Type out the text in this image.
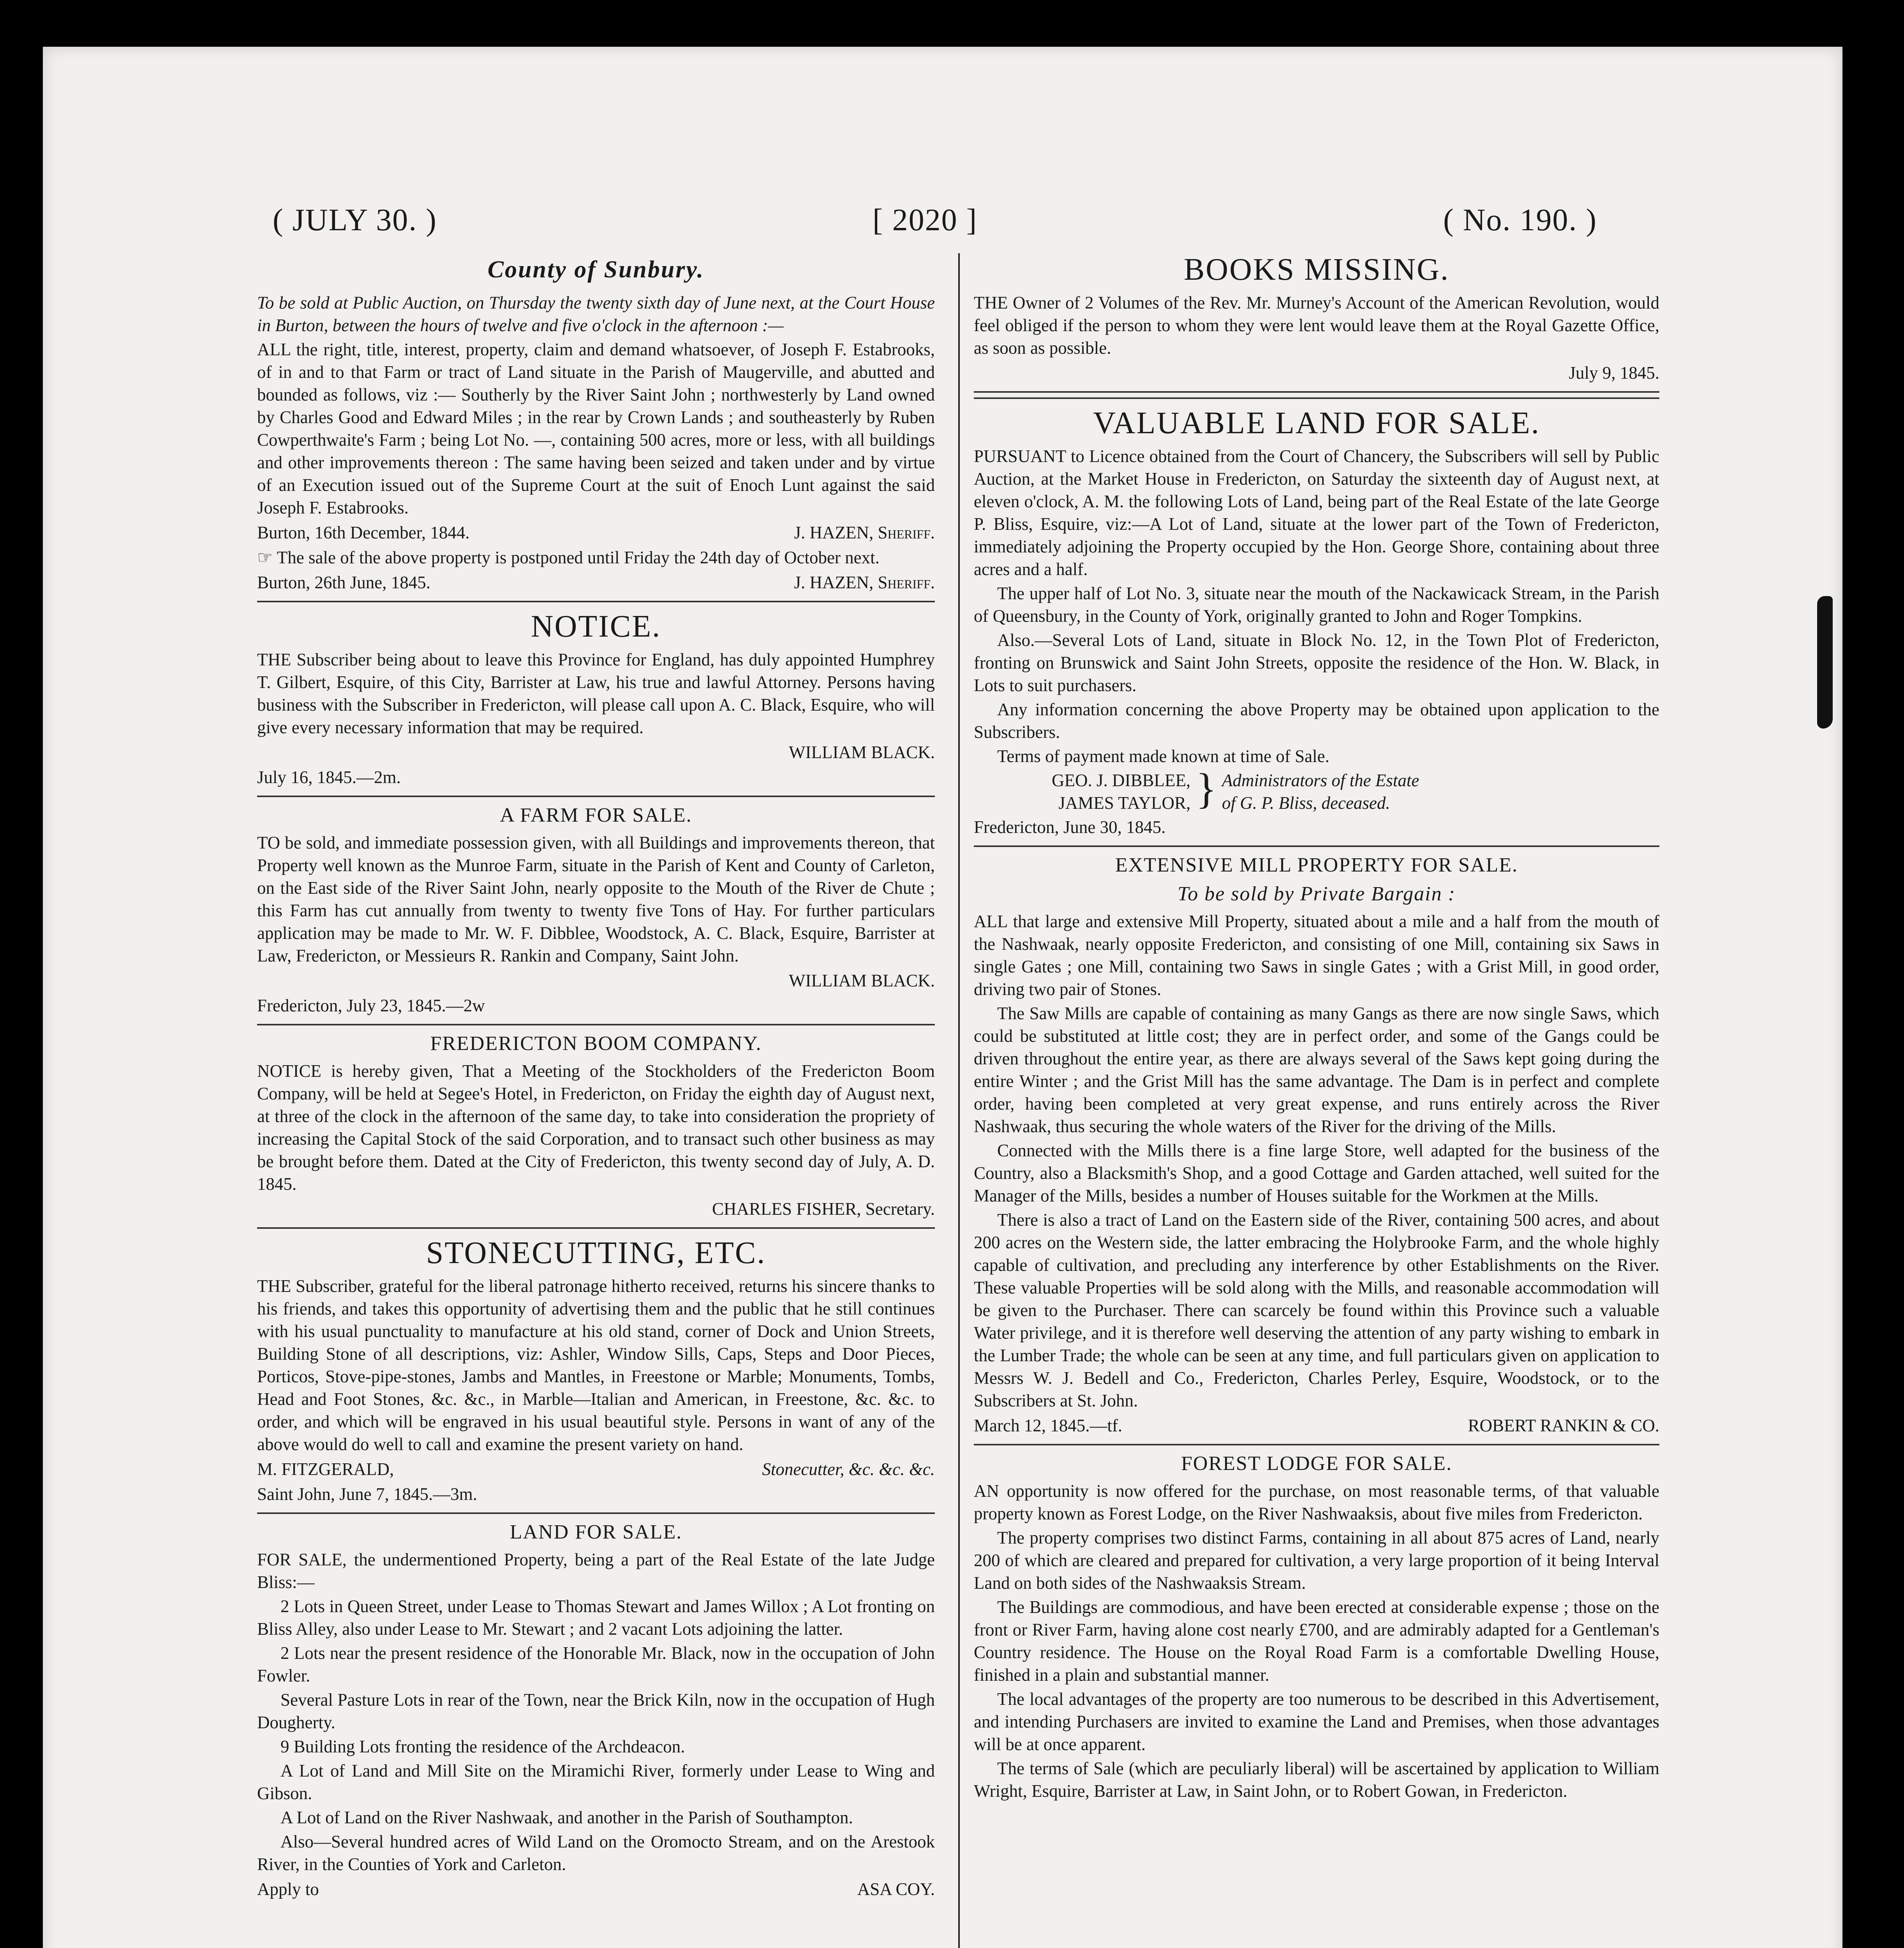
( JULY 30. )	[ 2020 ]	( No. 190. )
County of Sunbury.

To be sold at Public Auction, on Thursday the twenty sixth day of June next, at the Court House in Burton, between the hours of twelve and five o'clock in the afternoon :—

ALL the right, title, interest, property, claim and demand whatsoever, of Joseph F. Estabrooks, of in and to that Farm or tract of Land situate in the Parish of Maugerville, and abutted and bounded as follows, viz :— Southerly by the River Saint John ; northwesterly by Land owned by Charles Good and Edward Miles ; in the rear by Crown Lands ; and southeasterly by Ruben Cowperthwaite's Farm ; being Lot No. —, containing 500 acres, more or less, with all buildings and other improvements thereon : The same having been seized and taken under and by virtue of an Execution issued out of the Supreme Court at the suit of Enoch Lunt against the said Joseph F. Estabrooks.

Burton, 16th December, 1844.	J. HAZEN, Sheriff.

☞ The sale of the above property is postponed until Friday the 24th day of October next.

Burton, 26th June, 1845.	J. HAZEN, Sheriff.
NOTICE.

THE Subscriber being about to leave this Province for England, has duly appointed Humphrey T. Gilbert, Esquire, of this City, Barrister at Law, his true and lawful Attorney. Persons having business with the Subscriber in Fredericton, will please call upon A. C. Black, Esquire, who will give every necessary information that may be required.

WILLIAM BLACK.

July 16, 1845.—2m.

A FARM FOR SALE.

TO be sold, and immediate possession given, with all Buildings and improvements thereon, that Property well known as the Munroe Farm, situate in the Parish of Kent and County of Carleton, on the East side of the River Saint John, nearly opposite to the Mouth of the River de Chute ; this Farm has cut annually from twenty to twenty five Tons of Hay. For further particulars application may be made to Mr. W. F. Dibblee, Woodstock, A. C. Black, Esquire, Barrister at Law, Fredericton, or Messieurs R. Rankin and Company, Saint John.

WILLIAM BLACK.

Fredericton, July 23, 1845.—2w

FREDERICTON BOOM COMPANY.

NOTICE is hereby given, That a Meeting of the Stockholders of the Fredericton Boom Company, will be held at Segee's Hotel, in Fredericton, on Friday the eighth day of August next, at three of the clock in the afternoon of the same day, to take into consideration the propriety of increasing the Capital Stock of the said Corporation, and to transact such other business as may be brought before them. Dated at the City of Fredericton, this twenty second day of July, A. D. 1845.

CHARLES FISHER, Secretary.
STONECUTTING, ETC.

THE Subscriber, grateful for the liberal patronage hitherto received, returns his sincere thanks to his friends, and takes this opportunity of advertising them and the public that he still continues with his usual punctuality to manufacture at his old stand, corner of Dock and Union Streets, Building Stone of all descriptions, viz: Ashler, Window Sills, Caps, Steps and Door Pieces, Porticos, Stove-pipe-stones, Jambs and Mantles, in Freestone or Marble; Monuments, Tombs, Head and Foot Stones, &c. &c., in Marble—Italian and American, in Freestone, &c. &c. to order, and which will be engraved in his usual beautiful style. Persons in want of any of the above would do well to call and examine the present variety on hand.

M. FITZGERALD,	Stonecutter, &c. &c. &c.

Saint John, June 7, 1845.—3m.

LAND FOR SALE.

FOR SALE, the undermentioned Property, being a part of the Real Estate of the late Judge Bliss:—

2 Lots in Queen Street, under Lease to Thomas Stewart and James Willox ; A Lot fronting on Bliss Alley, also under Lease to Mr. Stewart ; and 2 vacant Lots adjoining the latter.

2 Lots near the present residence of the Honorable Mr. Black, now in the occupation of John Fowler.

Several Pasture Lots in rear of the Town, near the Brick Kiln, now in the occupation of Hugh Dougherty.

9 Building Lots fronting the residence of the Archdeacon.

A Lot of Land and Mill Site on the Miramichi River, formerly under Lease to Wing and Gibson.

A Lot of Land on the River Nashwaak, and another in the Parish of Southampton.

Also—Several hundred acres of Wild Land on the Oromocto Stream, and on the Arestook River, in the Counties of York and Carleton.

Apply to	ASA COY.
BOOKS MISSING.

THE Owner of 2 Volumes of the Rev. Mr. Murney's Account of the American Revolution, would feel obliged if the person to whom they were lent would leave them at the Royal Gazette Office, as soon as possible.

July 9, 1845.
VALUABLE LAND FOR SALE.

PURSUANT to Licence obtained from the Court of Chancery, the Subscribers will sell by Public Auction, at the Market House in Fredericton, on Saturday the sixteenth day of August next, at eleven o'clock, A. M. the following Lots of Land, being part of the Real Estate of the late George P. Bliss, Esquire, viz:—A Lot of Land, situate at the lower part of the Town of Fredericton, immediately adjoining the Property occupied by the Hon. George Shore, containing about three acres and a half.

The upper half of Lot No. 3, situate near the mouth of the Nackawicack Stream, in the Parish of Queensbury, in the County of York, originally granted to John and Roger Tompkins.

Also.—Several Lots of Land, situate in Block No. 12, in the Town Plot of Fredericton, fronting on Brunswick and Saint John Streets, opposite the residence of the Hon. W. Black, in Lots to suit purchasers.

Any information concerning the above Property may be obtained upon application to the Subscribers.

Terms of payment made known at time of Sale.

GEO. J. DIBBLEE,
JAMES TAYLOR, } Administrators of the Estate
of G. P. Bliss, deceased.

Fredericton, June 30, 1845.

EXTENSIVE MILL PROPERTY FOR SALE.
To be sold by Private Bargain :

ALL that large and extensive Mill Property, situated about a mile and a half from the mouth of the Nashwaak, nearly opposite Fredericton, and consisting of one Mill, containing six Saws in single Gates ; one Mill, containing two Saws in single Gates ; with a Grist Mill, in good order, driving two pair of Stones.

The Saw Mills are capable of containing as many Gangs as there are now single Saws, which could be substituted at little cost; they are in perfect order, and some of the Gangs could be driven throughout the entire year, as there are always several of the Saws kept going during the entire Winter ; and the Grist Mill has the same advantage. The Dam is in perfect and complete order, having been completed at very great expense, and runs entirely across the River Nashwaak, thus securing the whole waters of the River for the driving of the Mills.

Connected with the Mills there is a fine large Store, well adapted for the business of the Country, also a Blacksmith's Shop, and a good Cottage and Garden attached, well suited for the Manager of the Mills, besides a number of Houses suitable for the Workmen at the Mills.

There is also a tract of Land on the Eastern side of the River, containing 500 acres, and about 200 acres on the Western side, the latter embracing the Holybrooke Farm, and the whole highly capable of cultivation, and precluding any interference by other Establishments on the River. These valuable Properties will be sold along with the Mills, and reasonable accommodation will be given to the Purchaser. There can scarcely be found within this Province such a valuable Water privilege, and it is therefore well deserving the attention of any party wishing to embark in the Lumber Trade; the whole can be seen at any time, and full particulars given on application to Messrs W. J. Bedell and Co., Fredericton, Charles Perley, Esquire, Woodstock, or to the Subscribers at St. John.

March 12, 1845.—tf.	ROBERT RANKIN & CO.
FOREST LODGE FOR SALE.

AN opportunity is now offered for the purchase, on most reasonable terms, of that valuable property known as Forest Lodge, on the River Nashwaaksis, about five miles from Fredericton.

The property comprises two distinct Farms, containing in all about 875 acres of Land, nearly 200 of which are cleared and prepared for cultivation, a very large proportion of it being Interval Land on both sides of the Nashwaaksis Stream.

The Buildings are commodious, and have been erected at considerable expense ; those on the front or River Farm, having alone cost nearly £700, and are admirably adapted for a Gentleman's Country residence. The House on the Royal Road Farm is a comfortable Dwelling House, finished in a plain and substantial manner.

The local advantages of the property are too numerous to be described in this Advertisement, and intending Purchasers are invited to examine the Land and Premises, when those advantages will be at once apparent.

The terms of Sale (which are peculiarly liberal) will be ascertained by application to William Wright, Esquire, Barrister at Law, in Saint John, or to Robert Gowan, in Fredericton.
